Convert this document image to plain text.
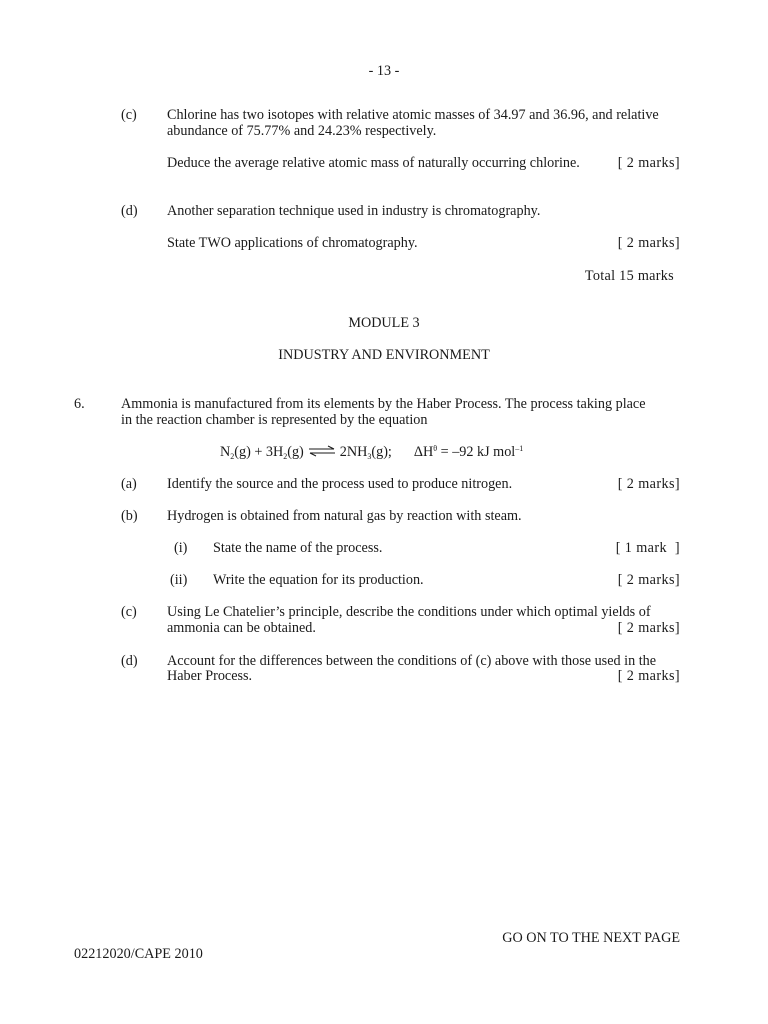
- 13 -
(c) Chlorine has two isotopes with relative atomic masses of 34.97 and 36.96, and relative
abundance of 75.77% and 24.23% respectively.
Deduce the average relative atomic mass of naturally occurring chlorine.	[ 2 marks]
(d) Another separation technique used in industry is chromatography.
State TWO applications of chromatography.	[ 2 marks]
Total 15 marks
MODULE 3
INDUSTRY AND ENVIRONMENT
6.	Ammonia is manufactured from its elements by the Haber Process. The process taking place
in the reaction chamber is represented by the equation
$N_2(g) + 3H_2(g)$ ⇌ $2NH_3(g)$; $\Delta H^\theta = -92$ kJ mol$^{-1}$
(a) Identify the source and the process used to produce nitrogen.	[ 2 marks]
(b) Hydrogen is obtained from natural gas by reaction with steam.
(i) State the name of the process.	[ 1 mark  ]
(ii) Write the equation for its production.	[ 2 marks]
(c) Using Le Chatelier’s principle, describe the conditions under which optimal yields of
ammonia can be obtained.	[ 2 marks]
(d) Account for the differences between the conditions of (c) above with those used in the
Haber Process.	[ 2 marks]
GO ON TO THE NEXT PAGE
02212020/CAPE 2010
